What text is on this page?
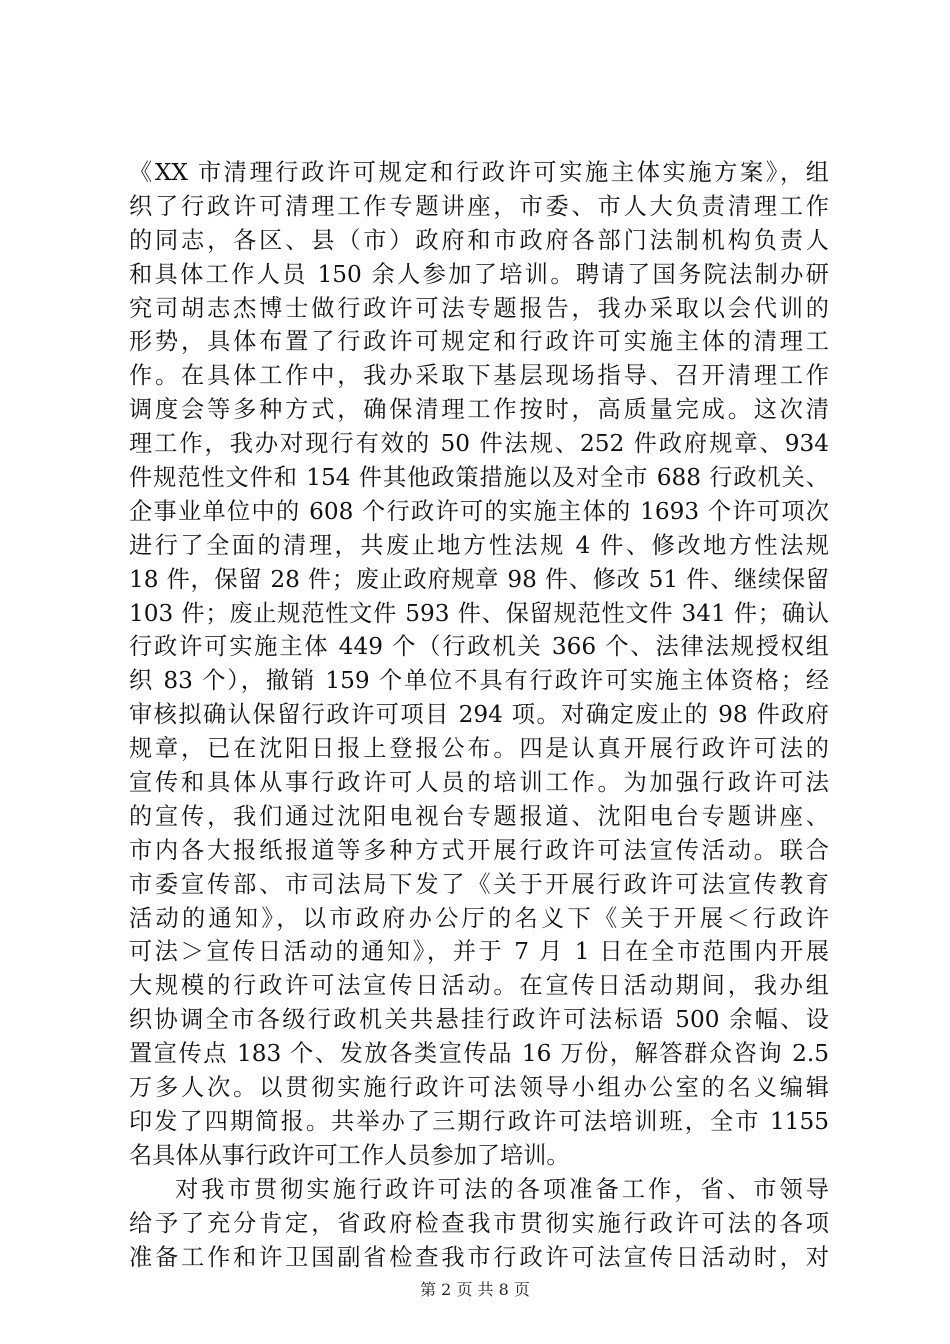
《XX 市清理行政许可规定和行政许可实施主体实施方案》，组
织了行政许可清理工作专题讲座，市委、市人大负责清理工作
的同志，各区、县（市）政府和市政府各部门法制机构负责人
和具体工作人员 150 余人参加了培训。聘请了国务院法制办研
究司胡志杰博士做行政许可法专题报告，我办采取以会代训的
形势，具体布置了行政许可规定和行政许可实施主体的清理工
作。在具体工作中，我办采取下基层现场指导、召开清理工作
调度会等多种方式，确保清理工作按时，高质量完成。这次清
理工作，我办对现行有效的 50 件法规、252 件政府规章、934
件规范性文件和 154 件其他政策措施以及对全市 688 行政机关、
企事业单位中的 608 个行政许可的实施主体的 1693 个许可项次
进行了全面的清理，共废止地方性法规 4 件、修改地方性法规
18 件，保留 28 件；废止政府规章 98 件、修改 51 件、继续保留
103 件；废止规范性文件 593 件、保留规范性文件 341 件；确认
行政许可实施主体 449 个（行政机关 366 个、法律法规授权组
织 83 个），撤销 159 个单位不具有行政许可实施主体资格；经
审核拟确认保留行政许可项目 294 项。对确定废止的 98 件政府
规章，已在沈阳日报上登报公布。四是认真开展行政许可法的
宣传和具体从事行政许可人员的培训工作。为加强行政许可法
的宣传，我们通过沈阳电视台专题报道、沈阳电台专题讲座、
市内各大报纸报道等多种方式开展行政许可法宣传活动。联合
市委宣传部、市司法局下发了《关于开展行政许可法宣传教育
活动的通知》，以市政府办公厅的名义下《关于开展＜行政许
可法＞宣传日活动的通知》，并于 7 月 1 日在全市范围内开展
大规模的行政许可法宣传日活动。在宣传日活动期间，我办组
织协调全市各级行政机关共悬挂行政许可法标语 500 余幅、设
置宣传点 183 个、发放各类宣传品 16 万份，解答群众咨询 2.5
万多人次。以贯彻实施行政许可法领导小组办公室的名义编辑
印发了四期简报。共举办了三期行政许可法培训班，全市 1155
名具体从事行政许可工作人员参加了培训。
对我市贯彻实施行政许可法的各项准备工作，省、市领导
给予了充分肯定，省政府检查我市贯彻实施行政许可法的各项
准备工作和许卫国副省检查我市行政许可法宣传日活动时，对
第 2 页 共 8 页
